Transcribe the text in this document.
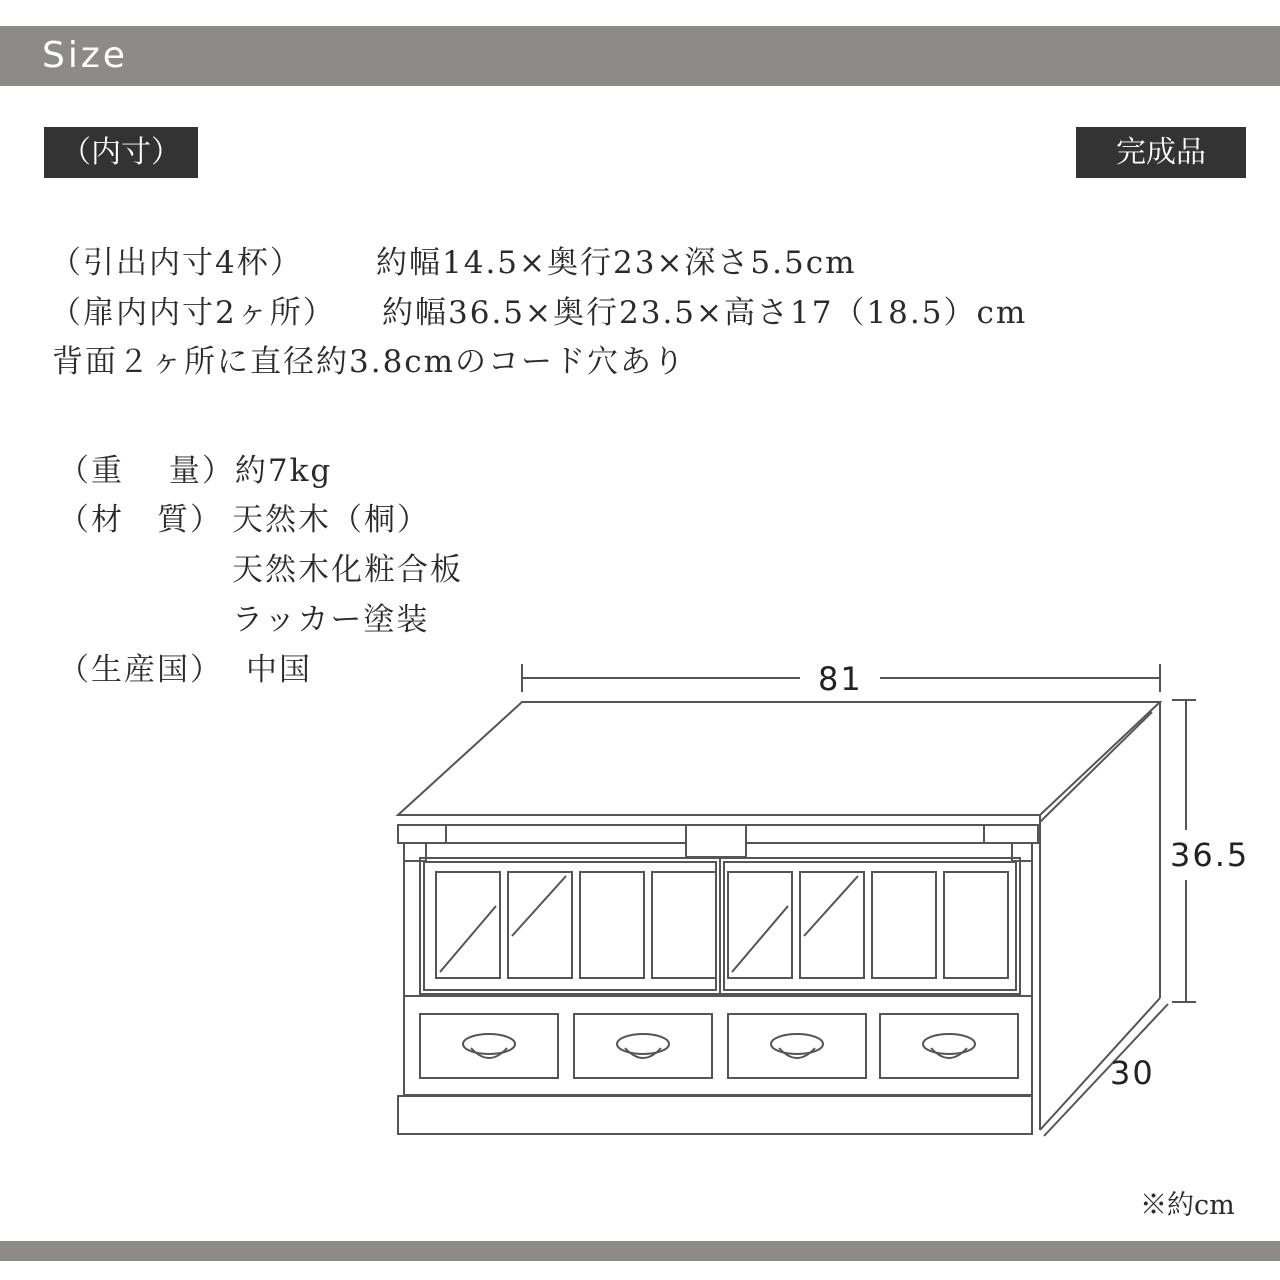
Size
（内寸）	完成品
（引出内寸4杯） 約幅14.5×奥行23×深さ5.5cm
（扉内内寸2ヶ所） 約幅36.5×奥行23.5×高さ17（18.5）cm
背面２ヶ所に直径約3.8cmのコード穴あり
（重　 量）約7kg
（材　質） 天然木（桐）
天然木化粧合板
ラッカー塗装
（生産国） 中国	81
36.5
30
※約cm
